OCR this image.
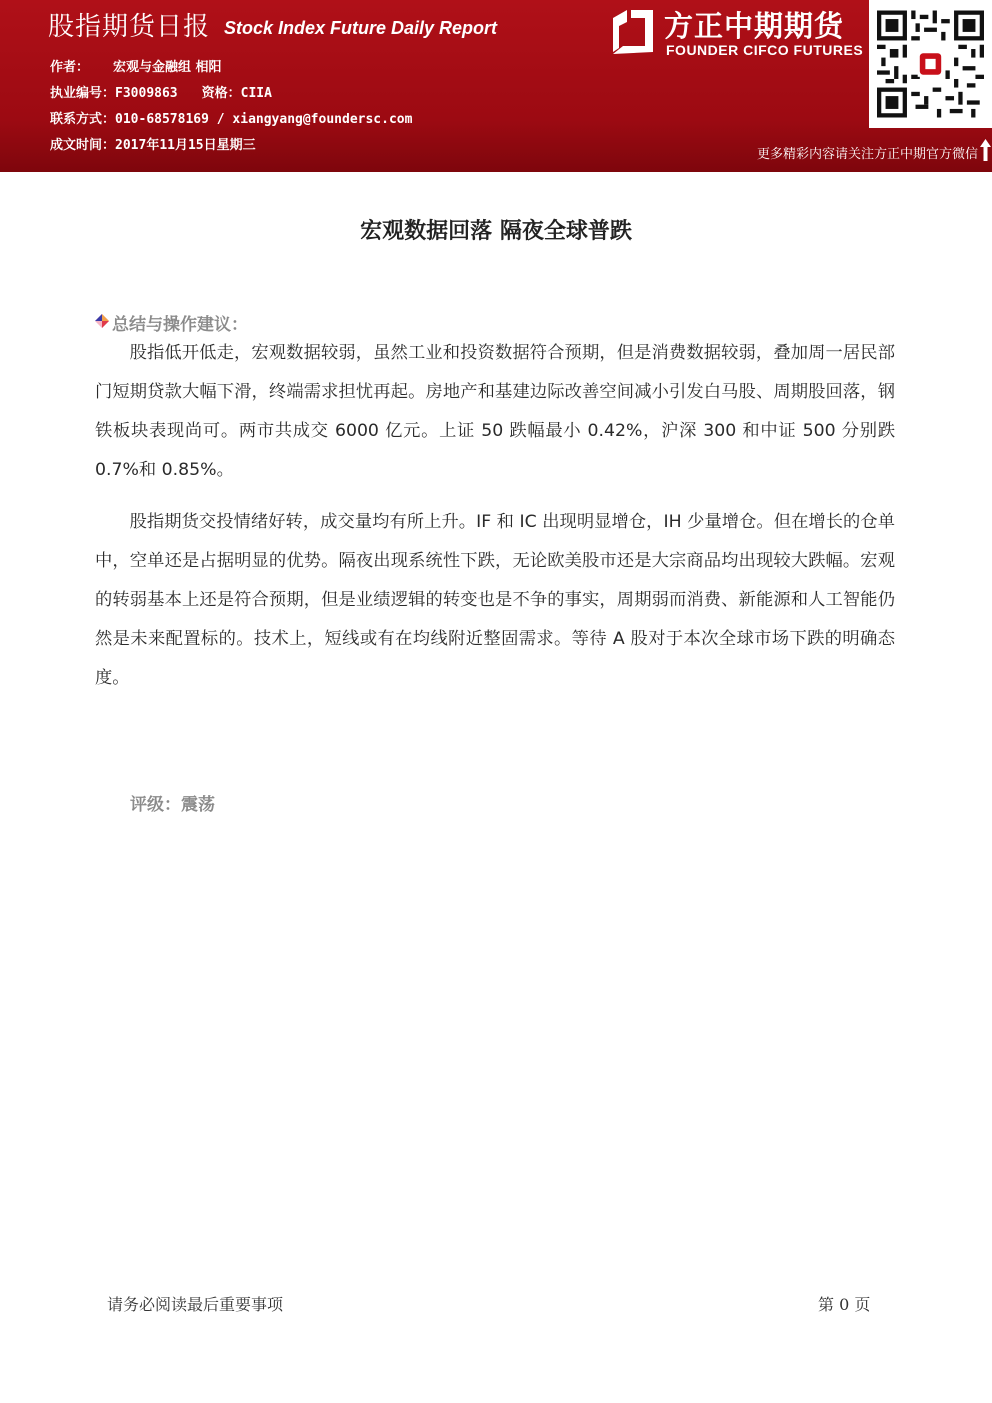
股指期货日报 Stock Index Future Daily Report
作者： 宏观与金融组 相阳
执业编号：F3009863 资格：CIIA
联系方式：010-68578169 / xiangyang@foundersc.com
成文时间：2017年11月15日星期三
方正中期期货
FOUNDER CIFCO FUTURES
更多精彩内容请关注方正中期官方微信
宏观数据回落 隔夜全球普跌
总结与操作建议：

股指低开低走，宏观数据较弱，虽然工业和投资数据符合预期，但是消费数据较弱，叠加周一居民部门短期贷款大幅下滑，终端需求担忧再起。房地产和基建边际改善空间减小引发白马股、周期股回落，钢铁板块表现尚可。两市共成交 6000 亿元。上证 50 跌幅最小 0.42%，沪深 300 和中证 500 分别跌 0.7%和 0.85%。

股指期货交投情绪好转，成交量均有所上升。IF 和 IC 出现明显增仓，IH 少量增仓。但在增长的仓单中，空单还是占据明显的优势。隔夜出现系统性下跌，无论欧美股市还是大宗商品均出现较大跌幅。宏观的转弱基本上还是符合预期，但是业绩逻辑的转变也是不争的事实，周期弱而消费、新能源和人工智能仍然是未来配置标的。技术上，短线或有在均线附近整固需求。等待 A 股对于本次全球市场下跌的明确态度。

评级：震荡
请务必阅读最后重要事项	第 0 页
